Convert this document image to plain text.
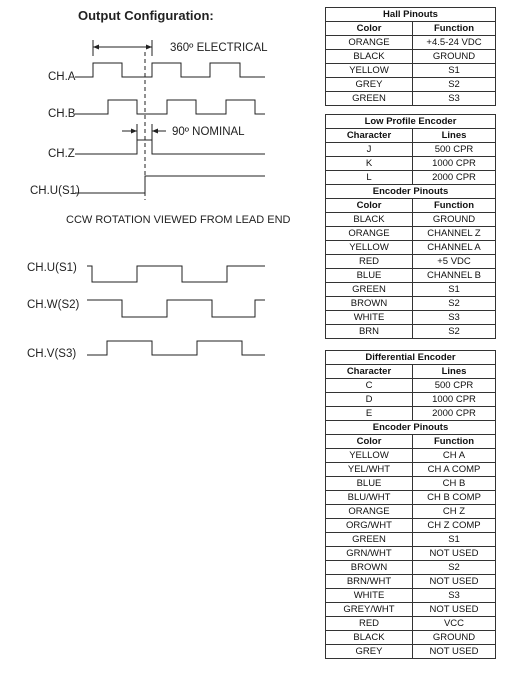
Output Configuration:
360º ELECTRICAL
CH.A
CH.B
90º NOMINAL
CH.Z
CH.U(S1)
CCW ROTATION VIEWED FROM LEAD END
CH.U(S1)
CH.W(S2)
CH.V(S3)
Hall Pinouts	
Color	Function
ORANGE	+4.5-24 VDC
BLACK	GROUND
YELLOW	S1
GREY	S2
GREEN	S3
Low Profile Encoder	
Character	Lines
J	500 CPR
K	1000 CPR
L	2000 CPR
Encoder Pinouts	
Color	Function
BLACK	GROUND
ORANGE	CHANNEL Z
YELLOW	CHANNEL A
RED	+5 VDC
BLUE	CHANNEL B
GREEN	S1
BROWN	S2
WHITE	S3
BRN	S2
Differential Encoder	
Character	Lines
C	500 CPR
D	1000 CPR
E	2000 CPR
Encoder Pinouts	
Color	Function
YELLOW	CH A
YEL/WHT	CH A COMP
BLUE	CH B
BLU/WHT	CH B COMP
ORANGE	CH Z
ORG/WHT	CH Z COMP
GREEN	S1
GRN/WHT	NOT USED
BROWN	S2
BRN/WHT	NOT USED
WHITE	S3
GREY/WHT	NOT USED
RED	VCC
BLACK	GROUND
GREY	NOT USED
